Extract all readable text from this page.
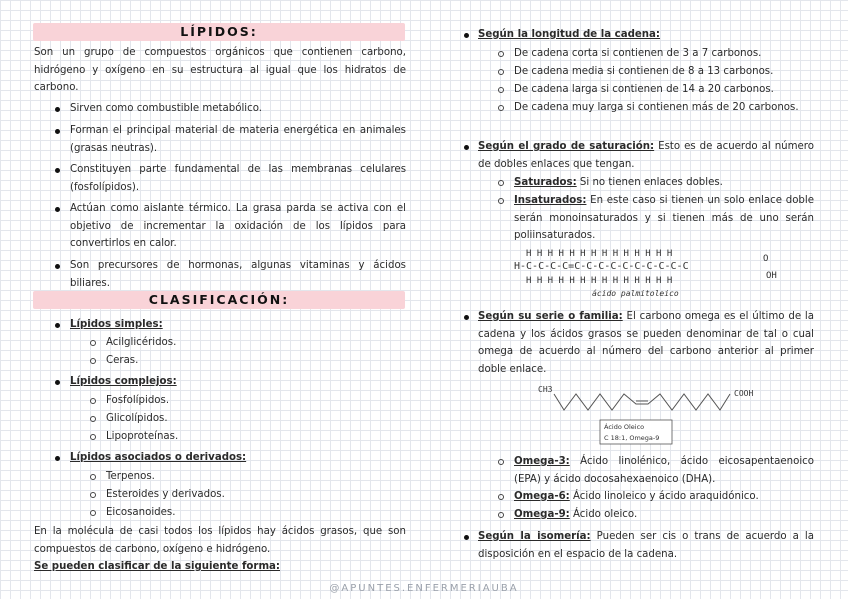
LÍPIDOS:
Son un grupo de compuestos orgánicos que contienen carbono, hidrógeno y oxígeno en su estructura al igual que los hidratos de carbono.
Sirven como combustible metabólico.
Forman el principal material de materia energética en animales (grasas neutras).
Constituyen parte fundamental de las membranas celulares (fosfolípidos).
Actúan como aislante térmico. La grasa parda se activa con el objetivo de incrementar la oxidación de los lípidos para convertirlos en calor.
Son precursores de hormonas, algunas vitaminas y ácidos biliares.
CLASIFICACIÓN:
Lípidos simples:
Acilglicéridos.
Ceras.
Lípidos complejos:
Fosfolípidos.
Glicolípidos.
Lipoproteínas.
Lípidos asociados o derivados:
Terpenos.
Esteroides y derivados.
Eicosanoides.
En la molécula de casi todos los lípidos hay ácidos grasos, que son compuestos de carbono, oxígeno e hidrógeno.
Se pueden clasificar de la siguiente forma:
Según la longitud de la cadena:
De cadena corta si contienen de 3 a 7 carbonos.
De cadena media si contienen de 8 a 13 carbonos.
De cadena larga si contienen de 14 a 20 carbonos.
De cadena muy larga si contienen más de 20 carbonos.
Según el grado de saturación: Esto es de acuerdo al número de dobles enlaces que tengan.
Saturados: Si no tienen enlaces dobles.
Insaturados: En este caso si tienen un solo enlace doble serán monoinsaturados y si tienen más de uno serán poliinsaturados.
H H H H H H H H H H H H H H
H-C-C-C-C=C-C-C-C-C-C-C-C-C-C
H H H H H H H H H H H H H H
O
OH
ácido palmitoleico
Según su serie o familia: El carbono omega es el último de la cadena y los ácidos grasos se pueden denominar de tal o cual omega de acuerdo al número del carbono anterior al primer doble enlace.
CH3	COOH
Ácido Oleico
C 18:1, Omega-9
Omega-3: Ácido linolénico, ácido eicosapentaenoico (EPA) y ácido docosahexaenoico (DHA).
Omega-6: Ácido linoleico y ácido araquidónico.
Omega-9: Ácido oleico.
Según la isomería: Pueden ser cis o trans de acuerdo a la disposición en el espacio de la cadena.
@APUNTES.ENFERMERIAUBA
